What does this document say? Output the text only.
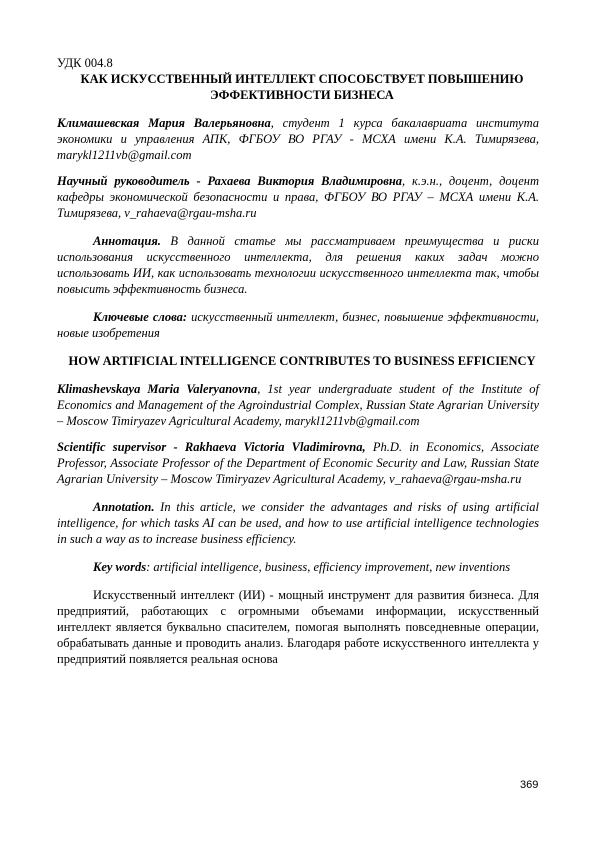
УДК 004.8

КАК ИСКУССТВЕННЫЙ ИНТЕЛЛЕКТ СПОСОБСТВУЕТ ПОВЫШЕНИЮ ЭФФЕКТИВНОСТИ БИЗНЕСА

Климашевская Мария Валерьяновна, студент 1 курса бакалавриата института экономики и управления АПК, ФГБОУ ВО РГАУ - МСХА имени К.А. Тимирязева, marykl1211vb@gmail.com

Научный руководитель - Рахаева Виктория Владимировна, к.э.н., доцент, доцент кафедры экономической безопасности и права, ФГБОУ ВО РГАУ – МСХА имени К.А. Тимирязева, v_rahaeva@rgau-msha.ru

Аннотация. В данной статье мы рассматриваем преимущества и риски использования искусственного интеллекта, для решения каких задач можно использовать ИИ, как использовать технологии искусственного интеллекта так, чтобы повысить эффективность бизнеса.

Ключевые слова: искусственный интеллект, бизнес, повышение эффективности, новые изобретения

HOW ARTIFICIAL INTELLIGENCE CONTRIBUTES TO BUSINESS EFFICIENCY

Klimashevskaya Maria Valeryanovna, 1st year undergraduate student of the Institute of Economics and Management of the Agroindustrial Complex, Russian State Agrarian University – Moscow Timiryazev Agricultural Academy, marykl1211vb@gmail.com

Scientific supervisor - Rakhaeva Victoria Vladimirovna, Ph.D. in Economics, Associate Professor, Associate Professor of the Department of Economic Security and Law, Russian State Agrarian University – Moscow Timiryazev Agricultural Academy, v_rahaeva@rgau-msha.ru

Annotation. In this article, we consider the advantages and risks of using artificial intelligence, for which tasks AI can be used, and how to use artificial intelligence technologies in such a way as to increase business efficiency.

Key words: artificial intelligence, business, efficiency improvement, new inventions

Искусственный интеллект (ИИ) - мощный инструмент для развития бизнеса. Для предприятий, работающих с огромными объемами информации, искусственный интеллект является буквально спасителем, помогая выполнять повседневные операции, обрабатывать данные и проводить анализ. Благодаря работе искусственного интеллекта у предприятий появляется реальная основа

369
